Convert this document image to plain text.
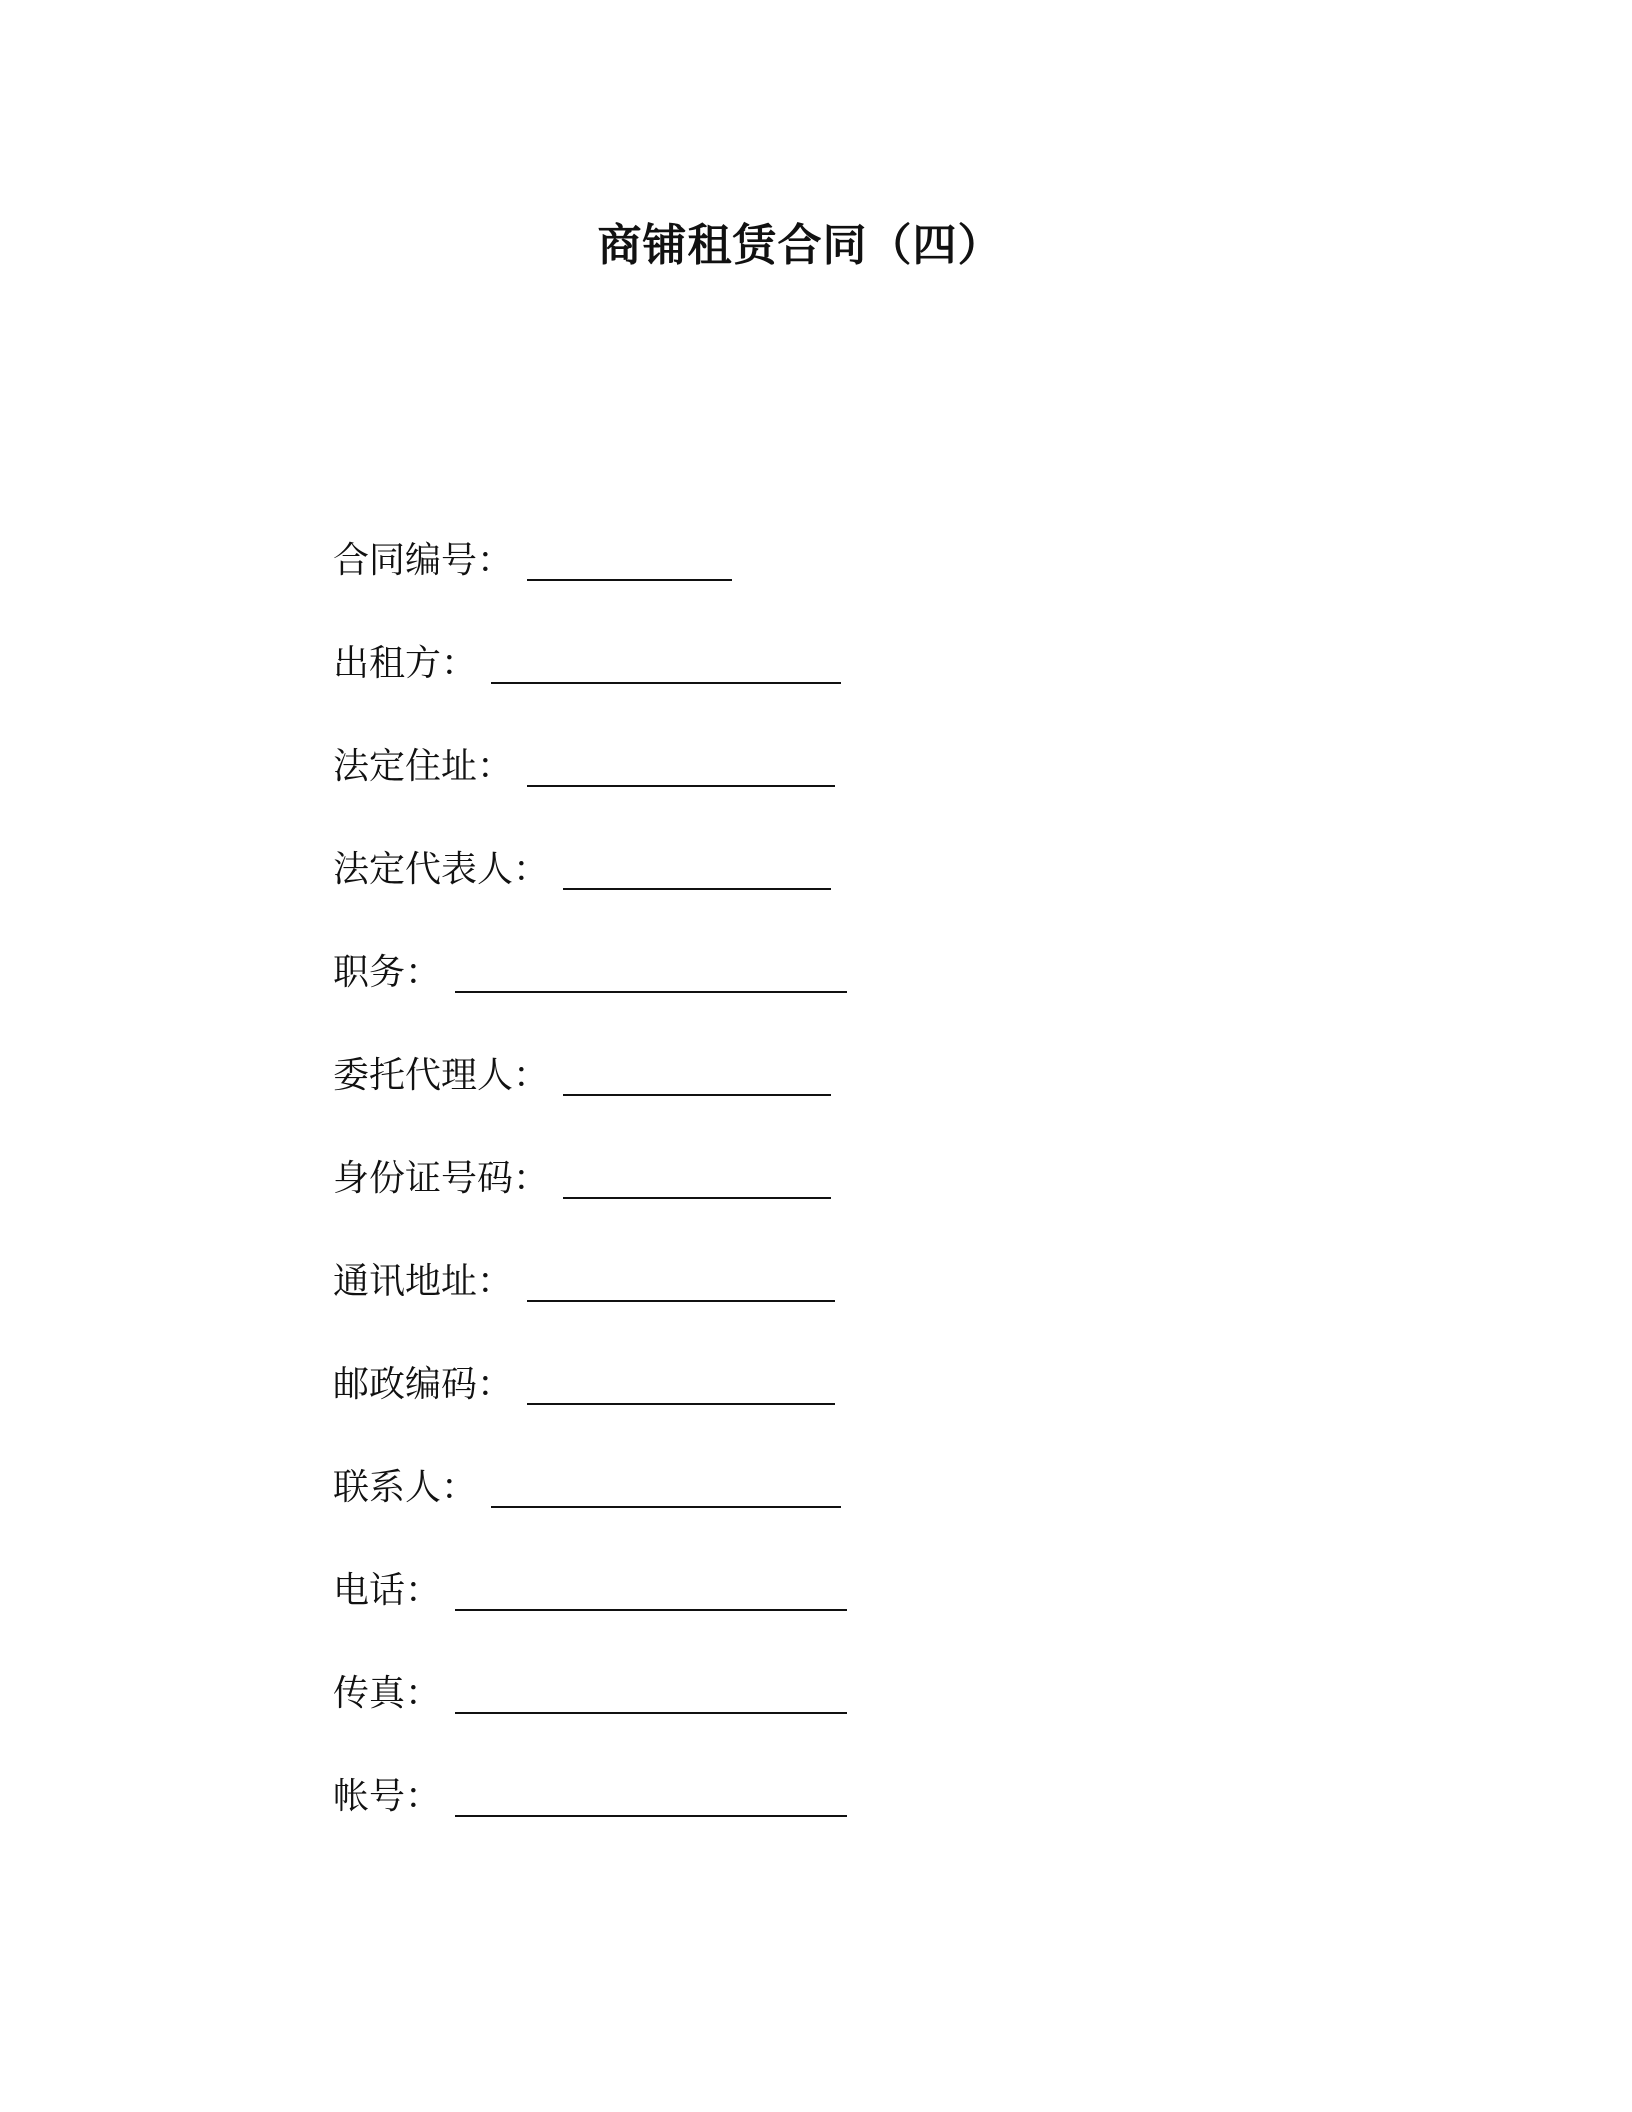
商铺租赁合同（四）
合同编号：
出租方：
法定住址：
法定代表人：
职务：
委托代理人：
身份证号码：
通讯地址：
邮政编码：
联系人：
电话：
传真：
帐号：
